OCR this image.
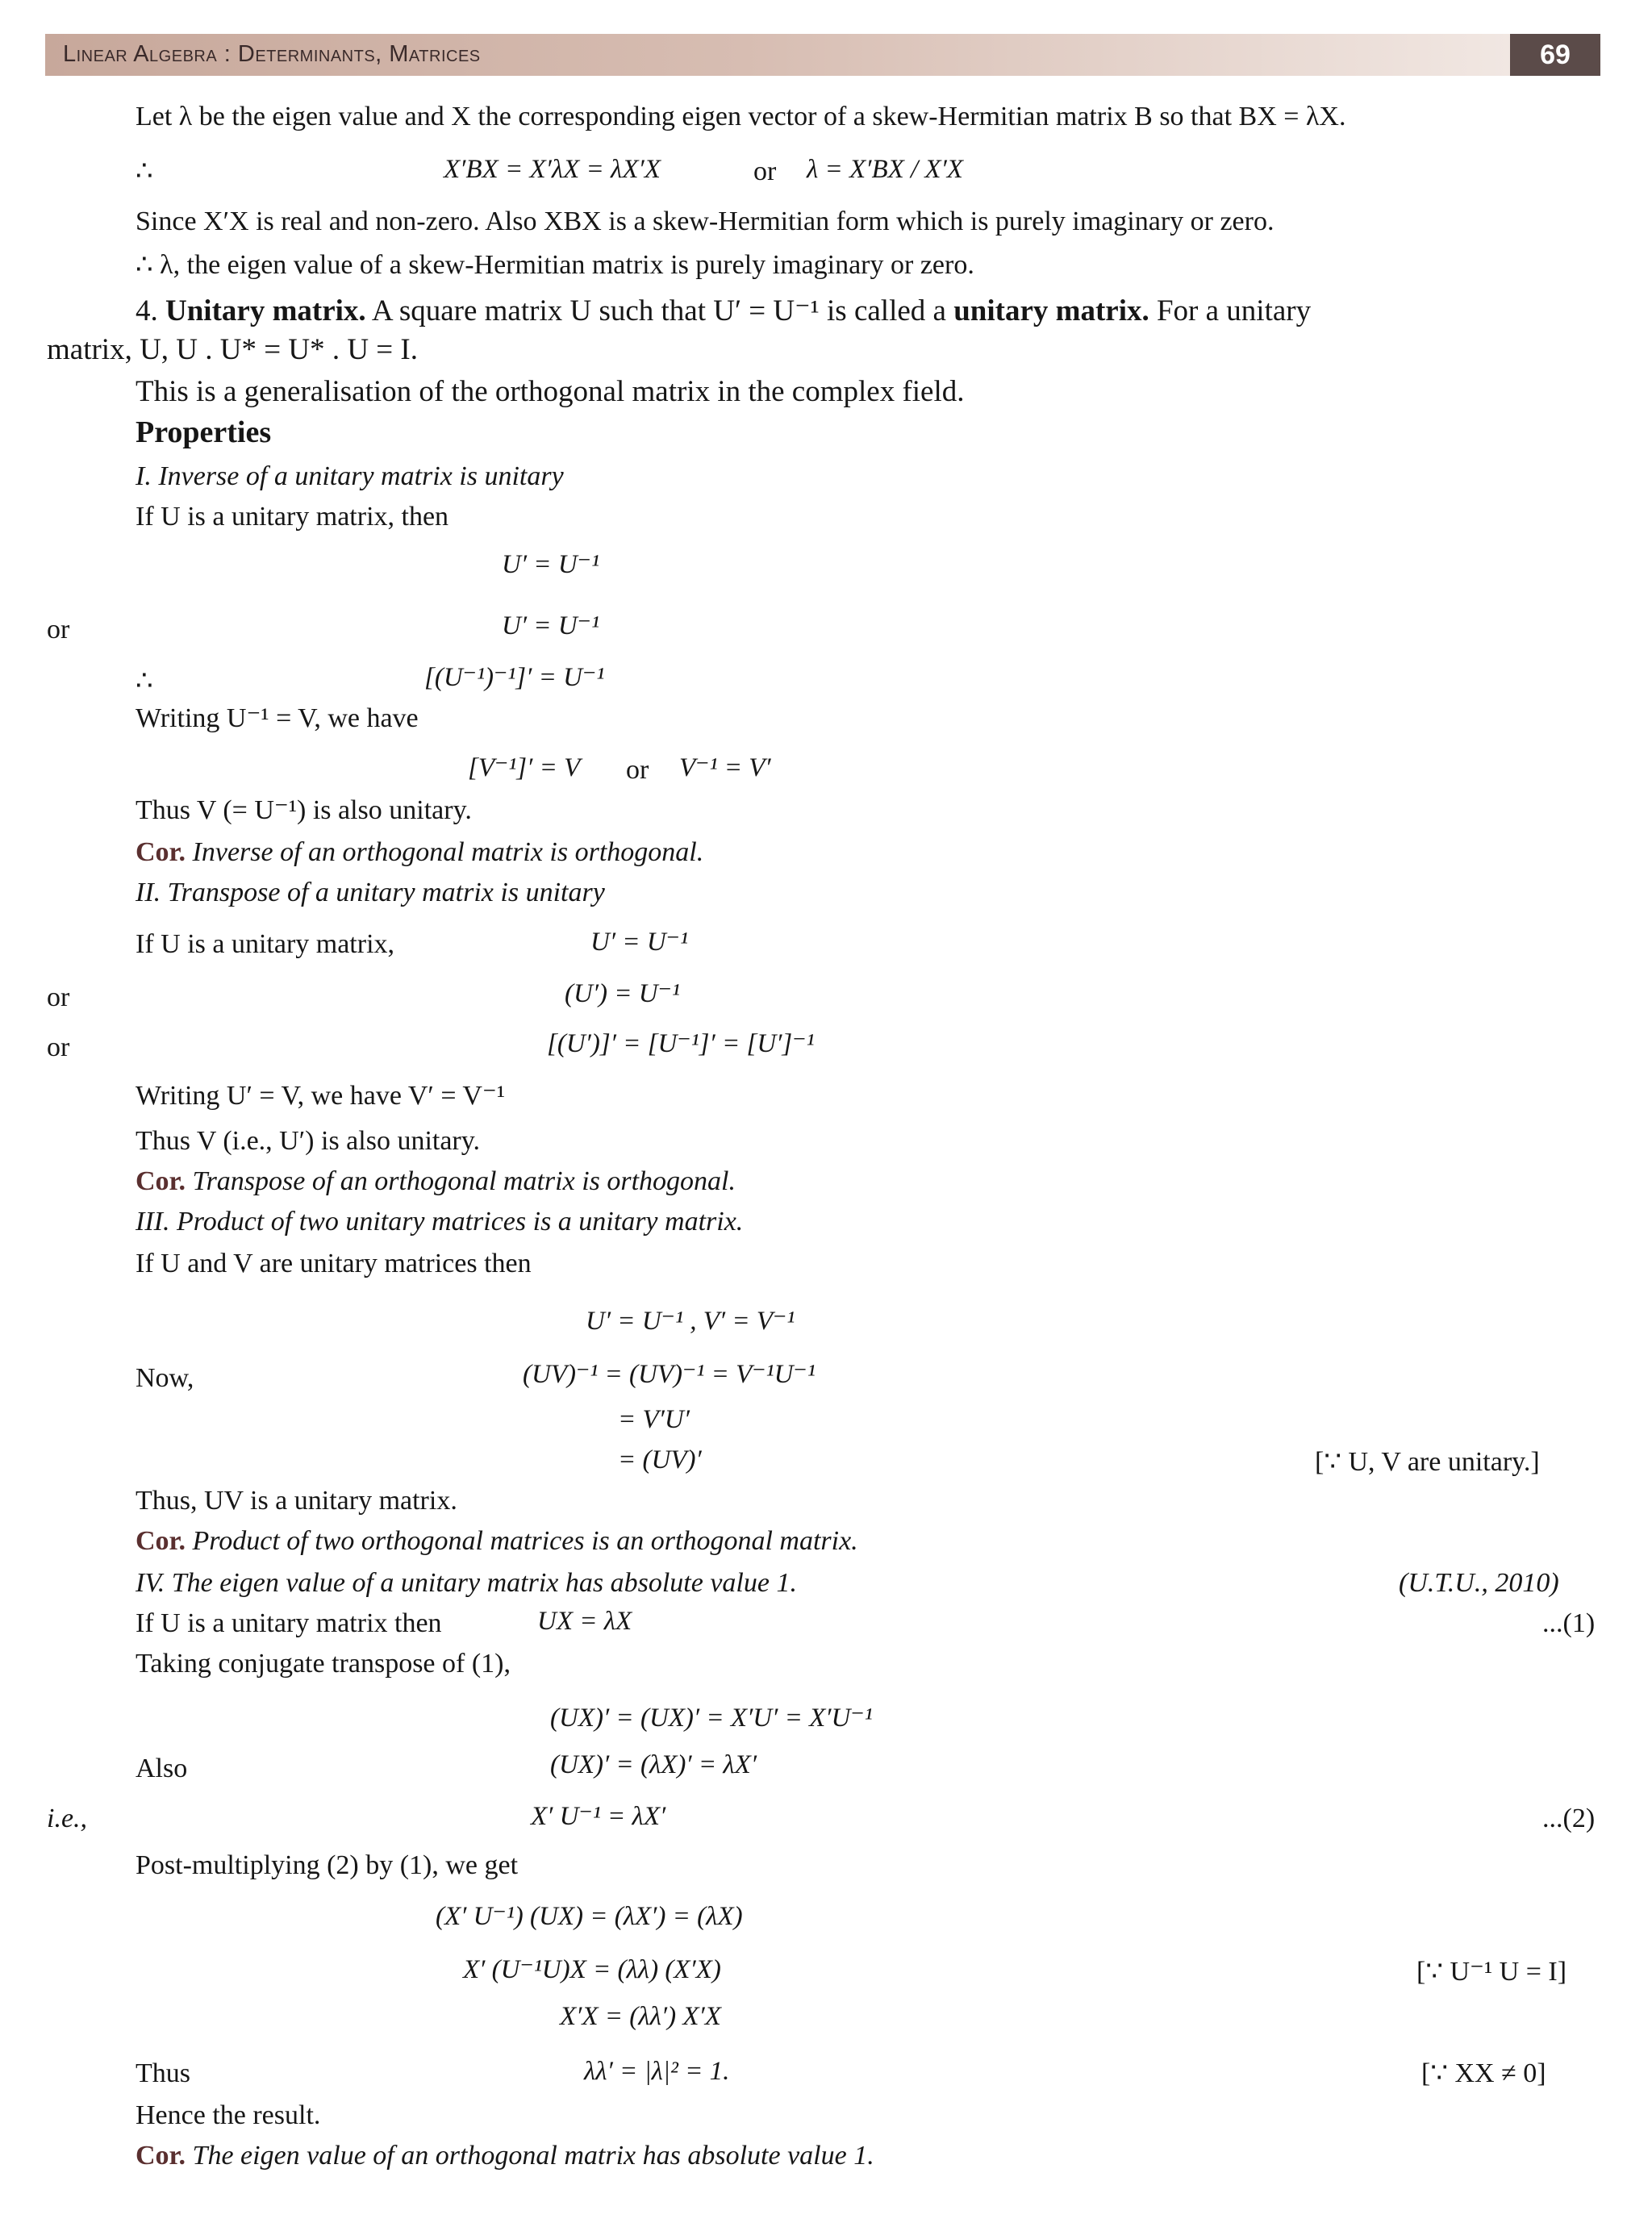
Linear Algebra : Determinants, Matrices	69
Let λ be the eigen value and X the corresponding eigen vector of a skew-Hermitian matrix B so that BX = λX.
∴	X′BX = X′λX = λX′X	or λ = X′BX / X′X
Since X′X is real and non-zero. Also XBX is a skew-Hermitian form which is purely imaginary or zero.
∴ λ, the eigen value of a skew-Hermitian matrix is purely imaginary or zero.
4. Unitary matrix. A square matrix U such that U′ = U⁻¹ is called a unitary matrix. For a unitary
matrix, U, U . U* = U* . U = I.
This is a generalisation of the orthogonal matrix in the complex field.
Properties
I. Inverse of a unitary matrix is unitary
If U is a unitary matrix, then
U′ = U⁻¹
or	U′ = U⁻¹
∴	[(U⁻¹)⁻¹]′ = U⁻¹
Writing U⁻¹ = V, we have
[V⁻¹]′ = V or V⁻¹ = V′
Thus V (= U⁻¹) is also unitary.
Cor. Inverse of an orthogonal matrix is orthogonal.
II. Transpose of a unitary matrix is unitary
If U is a unitary matrix,	U′ = U⁻¹
or	(U′) = U⁻¹
or	[(U′)]′ = [U⁻¹]′ = [U′]⁻¹
Writing U′ = V, we have V′ = V⁻¹
Thus V (i.e., U′) is also unitary.
Cor. Transpose of an orthogonal matrix is orthogonal.
III. Product of two unitary matrices is a unitary matrix.
If U and V are unitary matrices then
U′ = U⁻¹ , V′ = V⁻¹
Now,	(UV)⁻¹ = (UV)⁻¹ = V⁻¹U⁻¹
= V′U′
= (UV)′	[∵ U, V are unitary.]
Thus, UV is a unitary matrix.
Cor. Product of two orthogonal matrices is an orthogonal matrix.
IV. The eigen value of a unitary matrix has absolute value 1.	(U.T.U., 2010)
If U is a unitary matrix then	UX = λX	...(1)
Taking conjugate transpose of (1),
(UX)′ = (UX)′ = X′U′ = X′U⁻¹
Also	(UX)′ = (λX)′ = λX′
i.e.,	X′ U⁻¹ = λX′	...(2)
Post-multiplying (2) by (1), we get
(X′ U⁻¹) (UX) = (λX′) = (λX)
X′ (U⁻¹U)X = (λλ) (X′X)	[∵ U⁻¹ U = I]
X′X = (λλ′) X′X
Thus	λλ′ = |λ|² = 1.	[∵ XX ≠ 0]
Hence the result.
Cor. The eigen value of an orthogonal matrix has absolute value 1.
